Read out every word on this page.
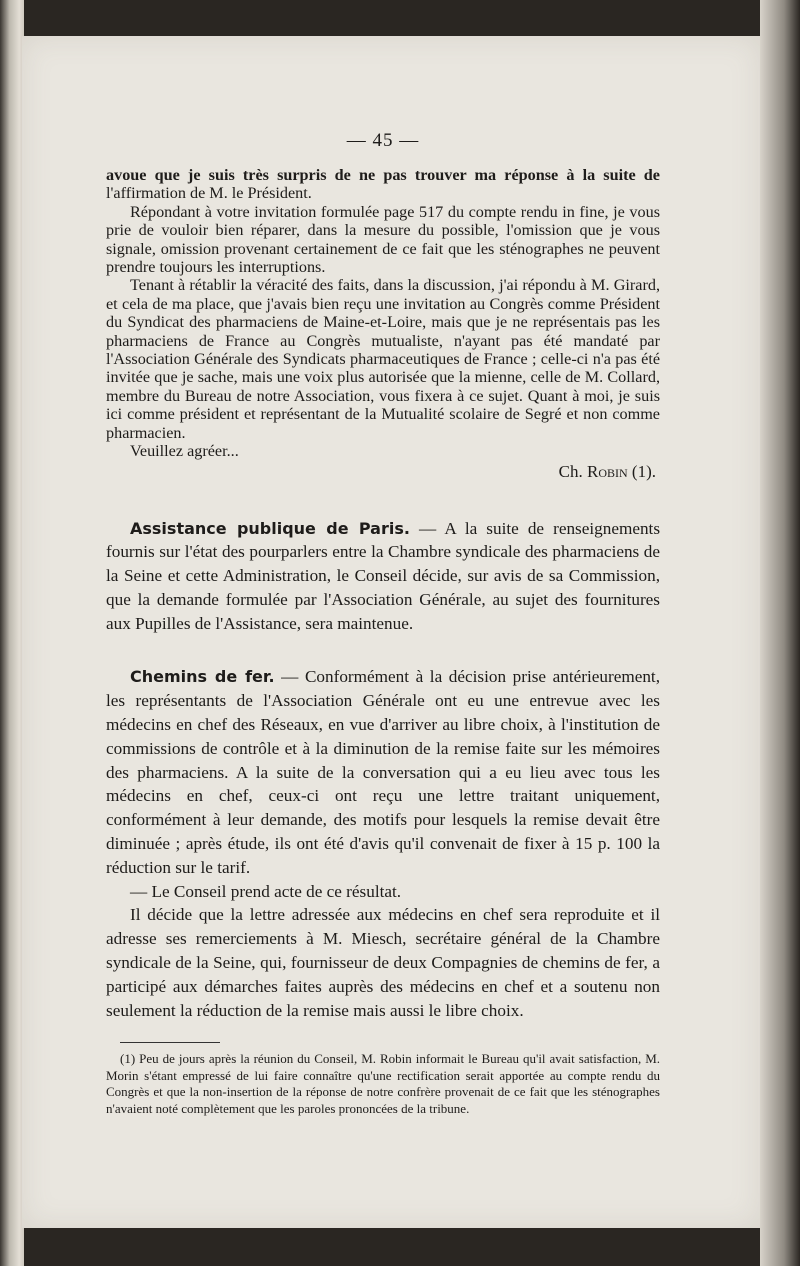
— 45 —

avoue que je suis très surpris de ne pas trouver ma réponse à la suite de l'affirmation de M. le Président.

Répondant à votre invitation formulée page 517 du compte rendu in fine, je vous prie de vouloir bien réparer, dans la mesure du possible, l'omission que je vous signale, omission provenant certainement de ce fait que les sténographes ne peuvent prendre toujours les interruptions.

Tenant à rétablir la véracité des faits, dans la discussion, j'ai répondu à M. Girard, et cela de ma place, que j'avais bien reçu une invitation au Congrès comme Président du Syndicat des pharmaciens de Maine-et-Loire, mais que je ne représentais pas les pharmaciens de France au Congrès mutualiste, n'ayant pas été mandaté par l'Association Générale des Syndicats pharmaceutiques de France ; celle-ci n'a pas été invitée que je sache, mais une voix plus autorisée que la mienne, celle de M. Collard, membre du Bureau de notre Association, vous fixera à ce sujet. Quant à moi, je suis ici comme président et représentant de la Mutualité scolaire de Segré et non comme pharmacien.

Veuillez agréer...

Ch. Robin (1).

Assistance publique de Paris. — A la suite de renseignements fournis sur l'état des pourparlers entre la Chambre syndicale des pharmaciens de la Seine et cette Administration, le Conseil décide, sur avis de sa Commission, que la demande formulée par l'Association Générale, au sujet des fournitures aux Pupilles de l'Assistance, sera maintenue.

Chemins de fer. — Conformément à la décision prise antérieurement, les représentants de l'Association Générale ont eu une entrevue avec les médecins en chef des Réseaux, en vue d'arriver au libre choix, à l'institution de commissions de contrôle et à la diminution de la remise faite sur les mémoires des pharmaciens. A la suite de la conversation qui a eu lieu avec tous les médecins en chef, ceux-ci ont reçu une lettre traitant uniquement, conformément à leur demande, des motifs pour lesquels la remise devait être diminuée ; après étude, ils ont été d'avis qu'il convenait de fixer à 15 p. 100 la réduction sur le tarif.

— Le Conseil prend acte de ce résultat.

Il décide que la lettre adressée aux médecins en chef sera reproduite et il adresse ses remerciements à M. Miesch, secrétaire général de la Chambre syndicale de la Seine, qui, fournisseur de deux Compagnies de chemins de fer, a participé aux démarches faites auprès des médecins en chef et a soutenu non seulement la réduction de la remise mais aussi le libre choix.

(1) Peu de jours après la réunion du Conseil, M. Robin informait le Bureau qu'il avait satisfaction, M. Morin s'étant empressé de lui faire connaître qu'une rectification serait apportée au compte rendu du Congrès et que la non-insertion de la réponse de notre confrère provenait de ce fait que les sténographes n'avaient noté complètement que les paroles prononcées de la tribune.
